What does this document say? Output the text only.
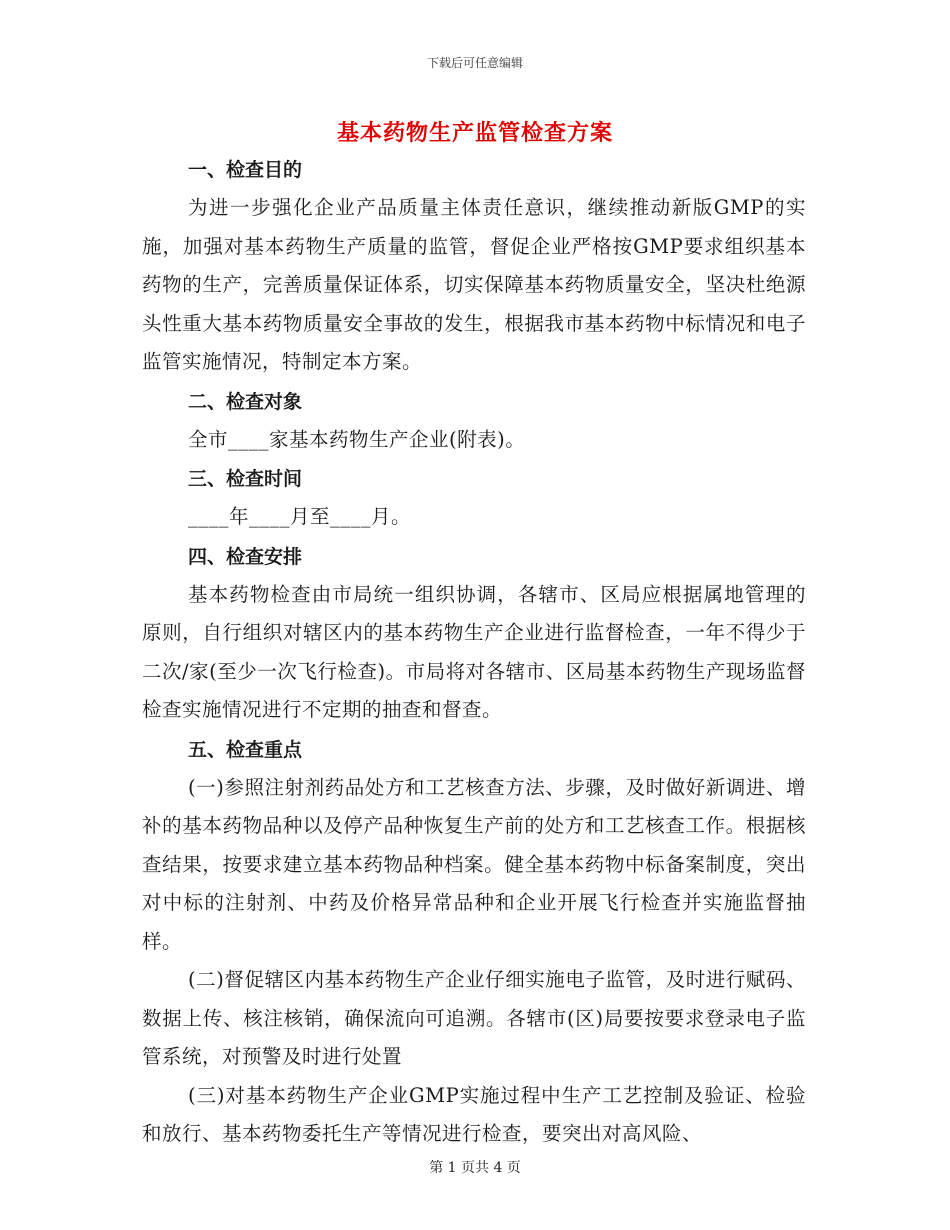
下载后可任意编辑
基本药物生产监管检查方案
一、检查目的

为进一步强化企业产品质量主体责任意识，继续推动新版GMP的实施，加强对基本药物生产质量的监管，督促企业严格按GMP要求组织基本药物的生产，完善质量保证体系，切实保障基本药物质量安全，坚决杜绝源头性重大基本药物质量安全事故的发生，根据我市基本药物中标情况和电子监管实施情况，特制定本方案。

二、检查对象

全市____家基本药物生产企业(附表)。

三、检查时间

____年____月至____月。

四、检查安排

基本药物检查由市局统一组织协调，各辖市、区局应根据属地管理的原则，自行组织对辖区内的基本药物生产企业进行监督检查，一年不得少于二次/家(至少一次飞行检查)。市局将对各辖市、区局基本药物生产现场监督检查实施情况进行不定期的抽查和督查。

五、检查重点

(一)参照注射剂药品处方和工艺核查方法、步骤，及时做好新调进、增补的基本药物品种以及停产品种恢复生产前的处方和工艺核查工作。根据核查结果，按要求建立基本药物品种档案。健全基本药物中标备案制度，突出对中标的注射剂、中药及价格异常品种和企业开展飞行检查并实施监督抽样。

(二)督促辖区内基本药物生产企业仔细实施电子监管，及时进行赋码、数据上传、核注核销，确保流向可追溯。各辖市(区)局要按要求登录电子监管系统，对预警及时进行处置

(三)对基本药物生产企业GMP实施过程中生产工艺控制及验证、检验和放行、基本药物委托生产等情况进行检查，要突出对高风险、

第 1 页共 4 页
